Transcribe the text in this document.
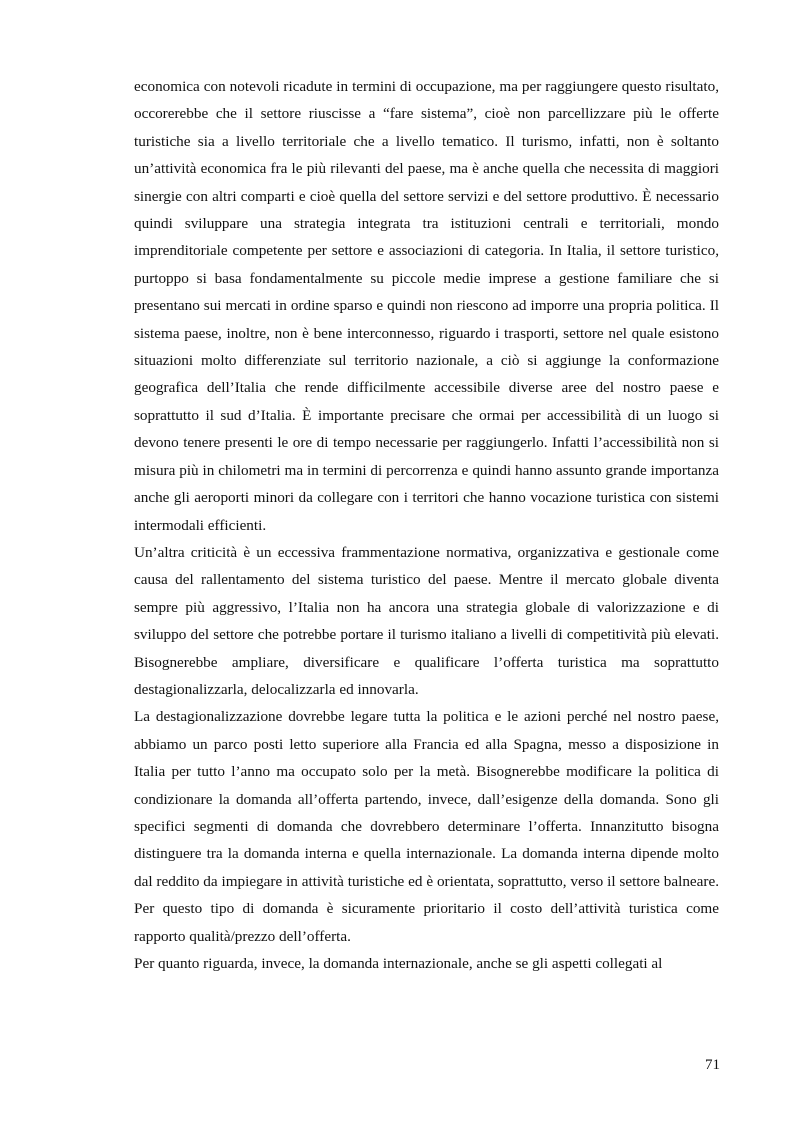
economica con notevoli ricadute in termini di occupazione, ma per raggiungere questo risultato, occorerebbe che il settore riuscisse a “fare sistema”, cioè non parcellizzare più le offerte turistiche sia a livello territoriale che a livello tematico. Il turismo, infatti, non è soltanto un’attività economica fra le più rilevanti del paese, ma è anche quella che necessita di maggiori sinergie con altri comparti e cioè quella del settore servizi e del settore produttivo. È necessario quindi sviluppare una strategia integrata tra istituzioni centrali e territoriali, mondo imprenditoriale competente per settore e associazioni di categoria. In Italia, il settore turistico, purtoppo si basa fondamentalmente su piccole medie imprese a gestione familiare che si presentano sui mercati in ordine sparso e quindi non riescono ad imporre una propria politica. Il sistema paese, inoltre, non è bene interconnesso, riguardo i trasporti, settore nel quale esistono situazioni molto differenziate sul territorio nazionale, a ciò si aggiunge la conformazione geografica dell’Italia che rende difficilmente accessibile diverse aree del nostro paese e soprattutto il sud d’Italia. È importante precisare che ormai per accessibilità di un luogo si devono tenere presenti le ore di tempo necessarie per raggiungerlo. Infatti l’accessibilità non si misura più in chilometri ma in termini di percorrenza e quindi hanno assunto grande importanza anche gli aeroporti minori da collegare con i territori che hanno vocazione turistica con sistemi intermodali efficienti.

Un’altra criticità è un eccessiva frammentazione normativa, organizzativa e gestionale come causa del rallentamento del sistema turistico del paese. Mentre il mercato globale diventa sempre più aggressivo, l’Italia non ha ancora una strategia globale di valorizzazione e di sviluppo del settore che potrebbe portare il turismo italiano a livelli di competitività più elevati. Bisognerebbe ampliare, diversificare e qualificare l’offerta turistica ma soprattutto destagionalizzarla, delocalizzarla ed innovarla.

La destagionalizzazione dovrebbe legare tutta la politica e le azioni perché nel nostro paese, abbiamo un parco posti letto superiore alla Francia ed alla Spagna, messo a disposizione in Italia per tutto l’anno ma occupato solo per la metà. Bisognerebbe modificare la politica di condizionare la domanda all’offerta partendo, invece, dall’esigenze della domanda. Sono gli specifici segmenti di domanda che dovrebbero determinare l’offerta. Innanzitutto bisogna distinguere tra la domanda interna e quella internazionale. La domanda interna dipende molto dal reddito da impiegare in attività turistiche ed è orientata, soprattutto, verso il settore balneare. Per questo tipo di domanda è sicuramente prioritario il costo dell’attività turistica come rapporto qualità/prezzo dell’offerta.

Per quanto riguarda, invece, la domanda internazionale, anche se gli aspetti collegati al

71
